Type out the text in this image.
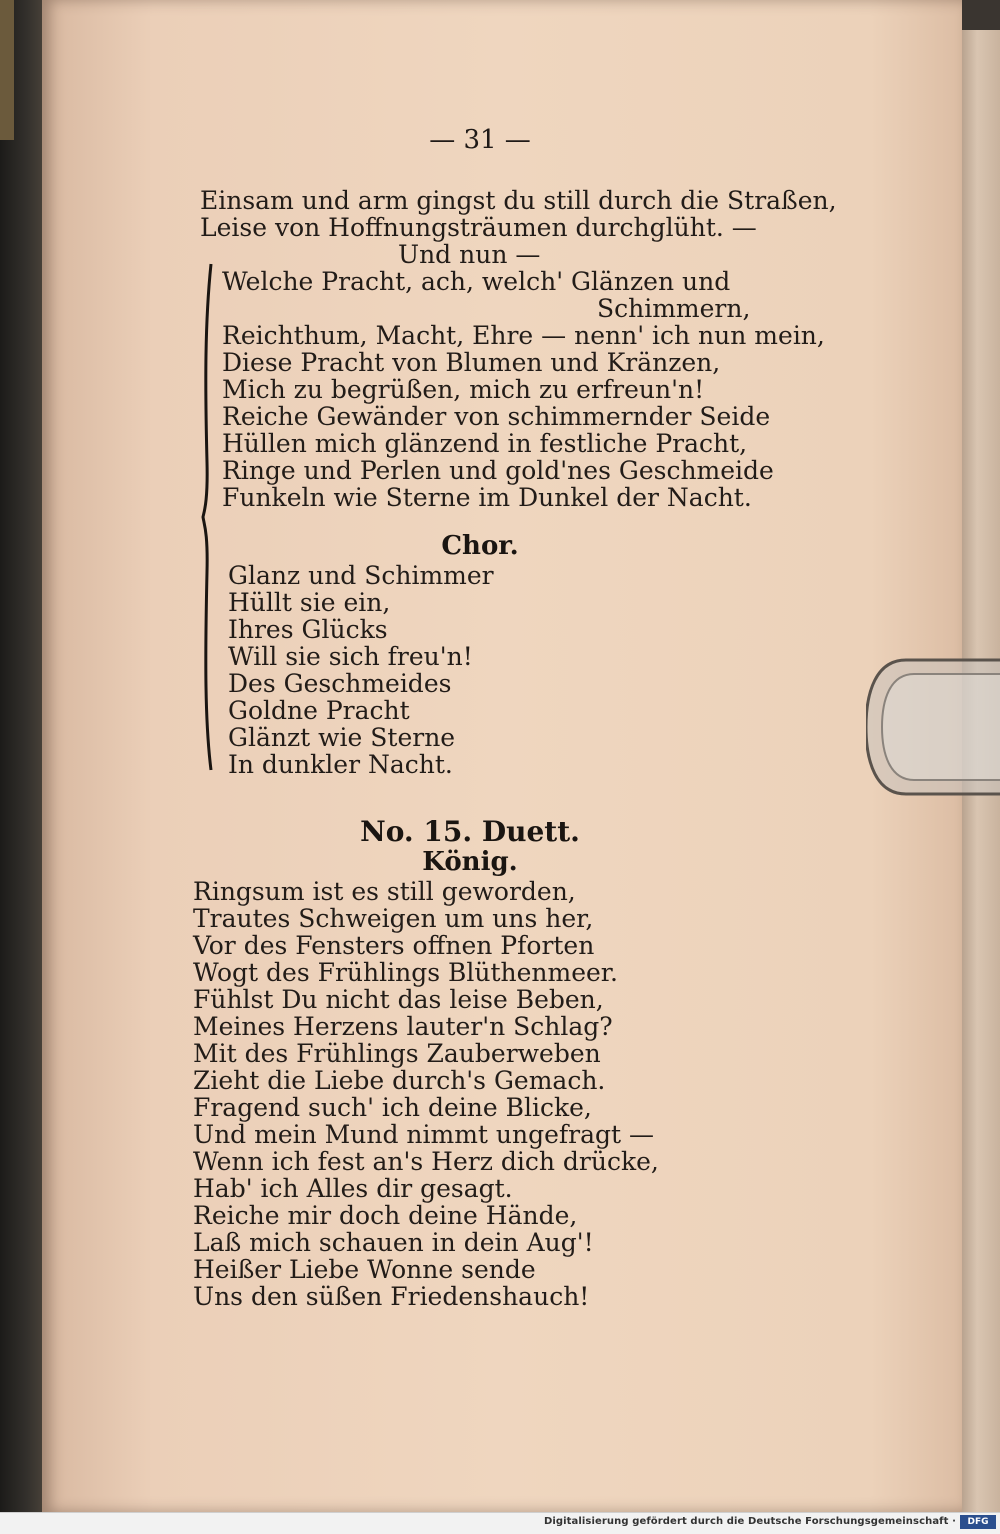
— 31 —
Einsam und arm gingst du still durch die Straßen,
Leise von Hoffnungsträumen durchglüht. —
Und nun —
Welche Pracht, ach, welch' Glänzen und
Schimmern,
Reichthum, Macht, Ehre — nenn' ich nun mein,
Diese Pracht von Blumen und Kränzen,
Mich zu begrüßen, mich zu erfreun'n!
Reiche Gewänder von schimmernder Seide
Hüllen mich glänzend in festliche Pracht,
Ringe und Perlen und gold'nes Geschmeide
Funkeln wie Sterne im Dunkel der Nacht.
Chor.
Glanz und Schimmer
Hüllt sie ein,
Ihres Glücks
Will sie sich freu'n!
Des Geschmeides
Goldne Pracht
Glänzt wie Sterne
In dunkler Nacht.
No. 15. Duett.
König.
Ringsum ist es still geworden,
Trautes Schweigen um uns her,
Vor des Fensters offnen Pforten
Wogt des Frühlings Blüthenmeer.
Fühlst Du nicht das leise Beben,
Meines Herzens lauter'n Schlag?
Mit des Frühlings Zauberweben
Zieht die Liebe durch's Gemach.
Fragend such' ich deine Blicke,
Und mein Mund nimmt ungefragt —
Wenn ich fest an's Herz dich drücke,
Hab' ich Alles dir gesagt.
Reiche mir doch deine Hände,
Laß mich schauen in dein Aug'!
Heißer Liebe Wonne sende
Uns den süßen Friedenshauch!
Digitalisierung gefördert durch die Deutsche Forschungsgemeinschaft ·	DFG
